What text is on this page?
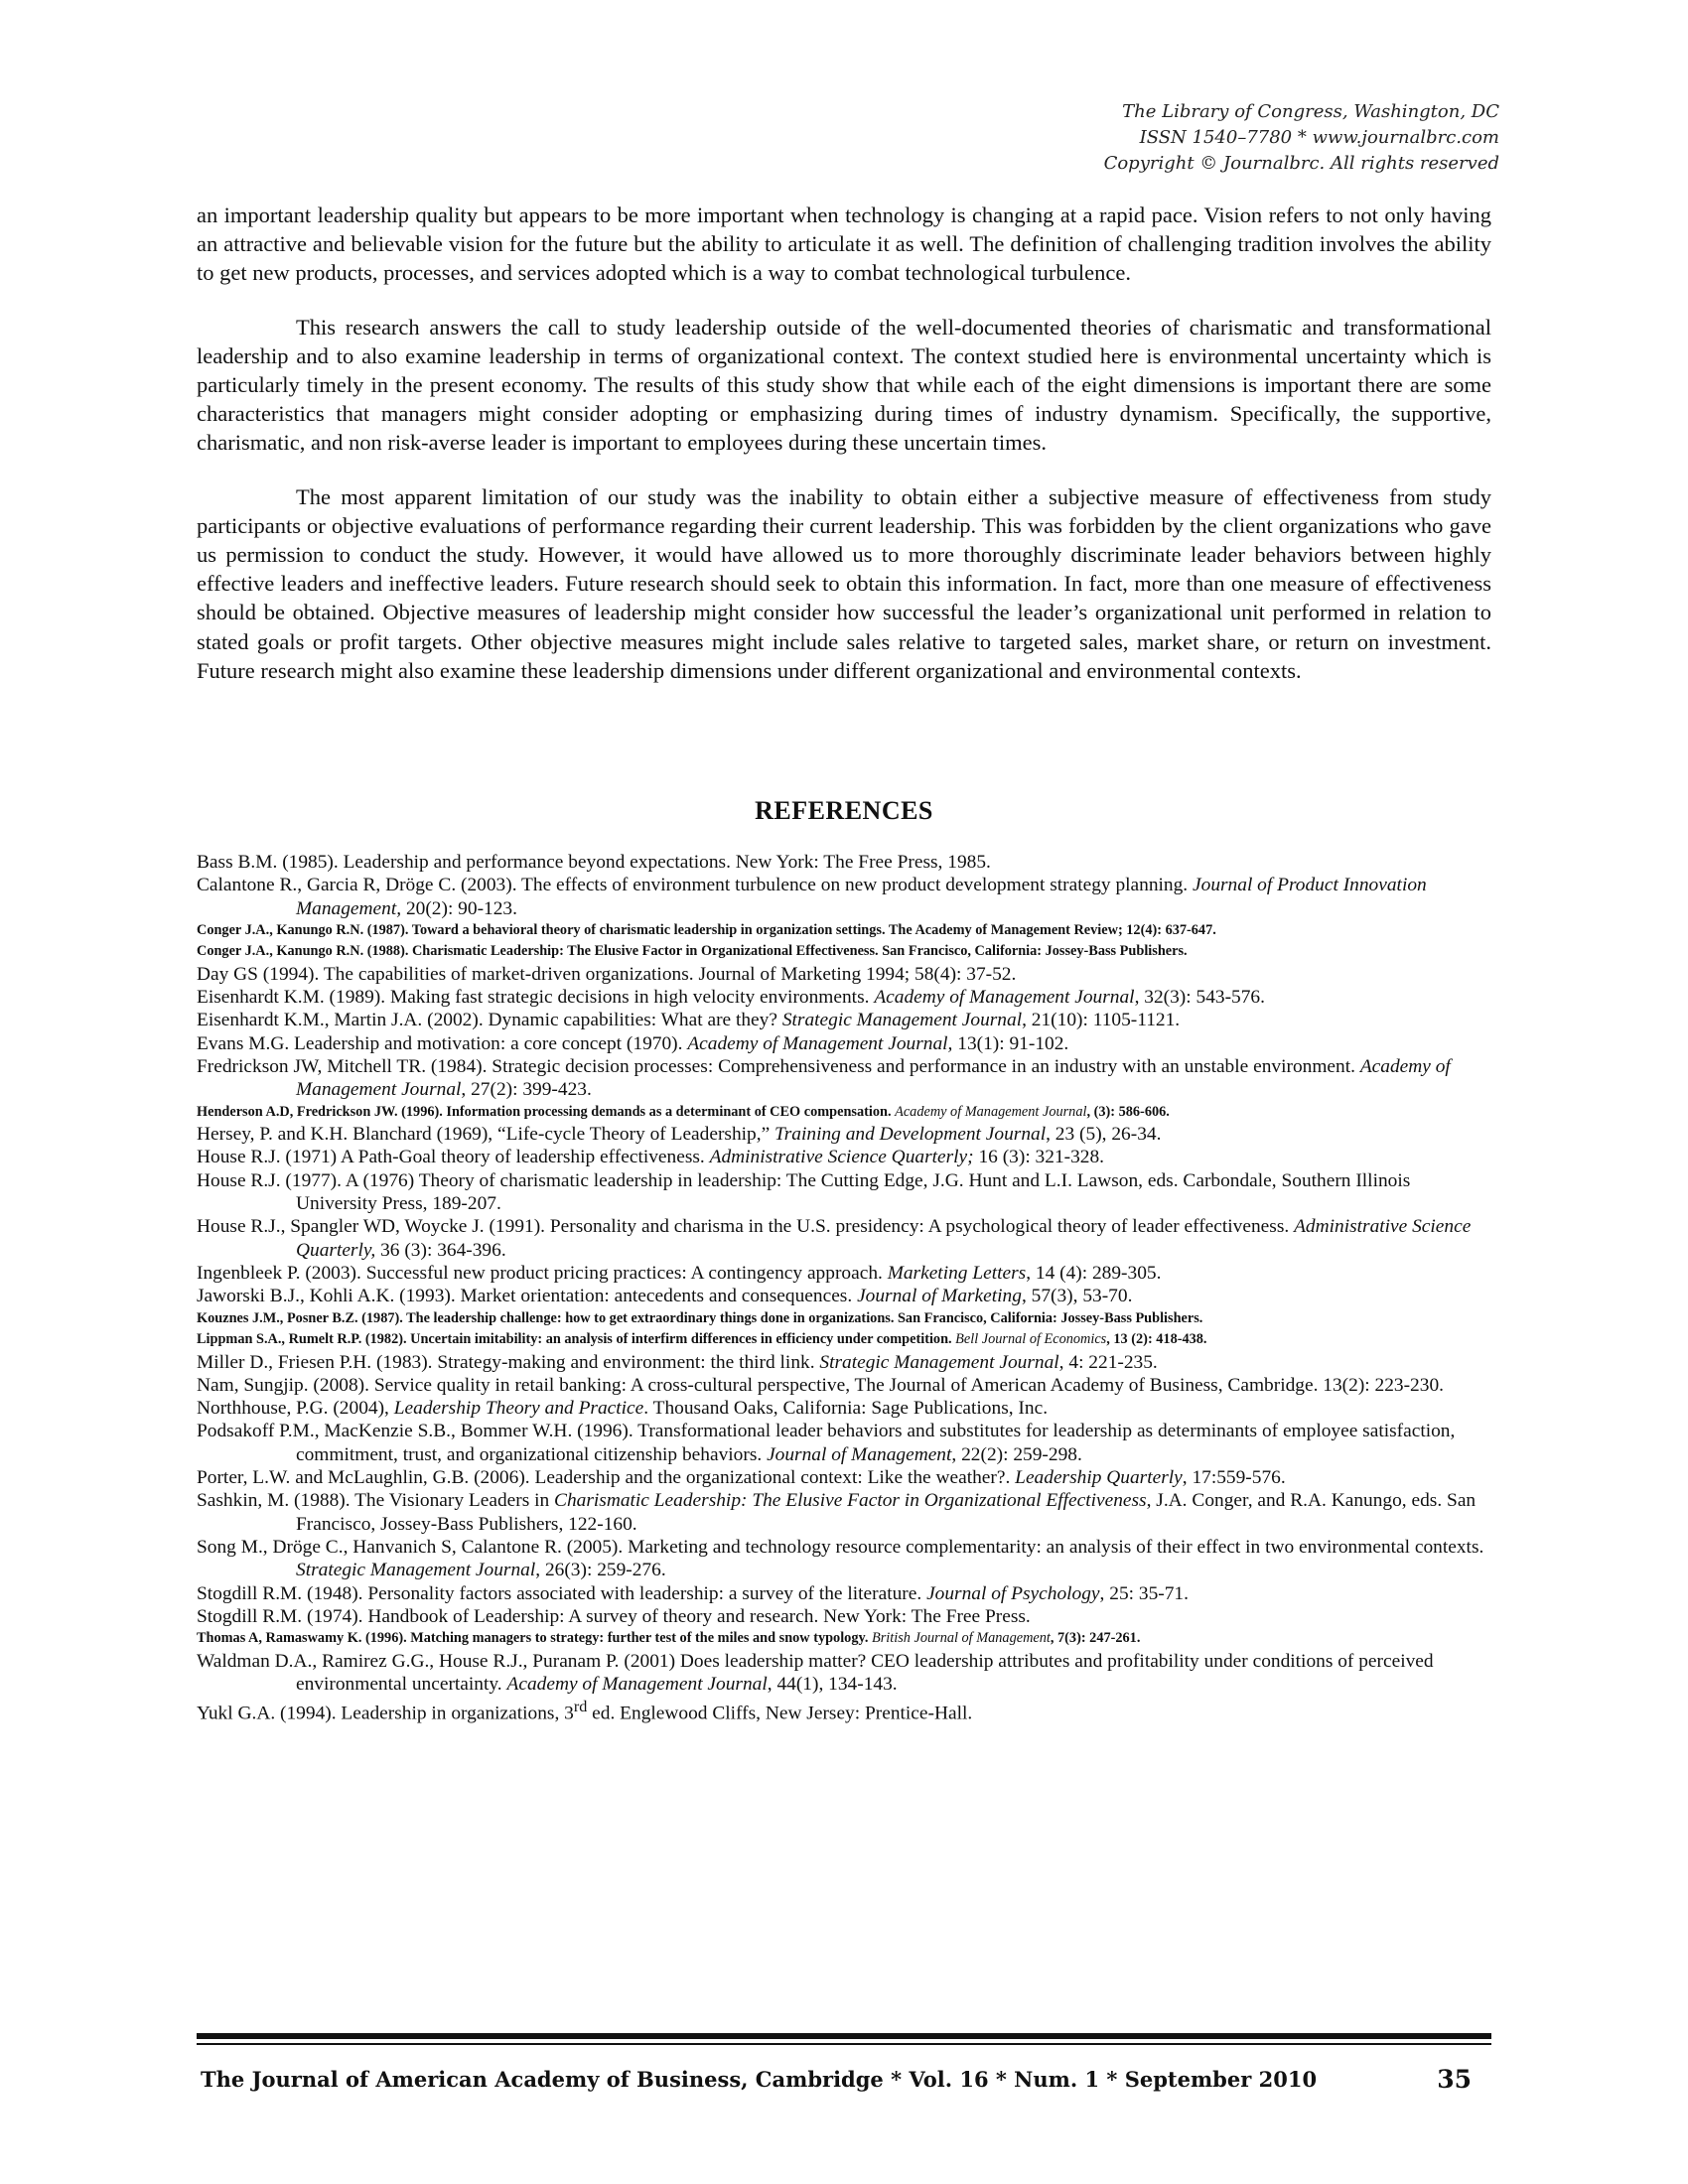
The Library of Congress, Washington, DC
ISSN 1540–7780 * www.journalbrc.com
Copyright © Journalbrc. All rights reserved

an important leadership quality but appears to be more important when technology is changing at a rapid pace. Vision refers to not only having an attractive and believable vision for the future but the ability to articulate it as well. The definition of challenging tradition involves the ability to get new products, processes, and services adopted which is a way to combat technological turbulence.

This research answers the call to study leadership outside of the well-documented theories of charismatic and transformational leadership and to also examine leadership in terms of organizational context. The context studied here is environmental uncertainty which is particularly timely in the present economy. The results of this study show that while each of the eight dimensions is important there are some characteristics that managers might consider adopting or emphasizing during times of industry dynamism. Specifically, the supportive, charismatic, and non risk-averse leader is important to employees during these uncertain times.

The most apparent limitation of our study was the inability to obtain either a subjective measure of effectiveness from study participants or objective evaluations of performance regarding their current leadership. This was forbidden by the client organizations who gave us permission to conduct the study. However, it would have allowed us to more thoroughly discriminate leader behaviors between highly effective leaders and ineffective leaders. Future research should seek to obtain this information. In fact, more than one measure of effectiveness should be obtained. Objective measures of leadership might consider how successful the leader’s organizational unit performed in relation to stated goals or profit targets. Other objective measures might include sales relative to targeted sales, market share, or return on investment. Future research might also examine these leadership dimensions under different organizational and environmental contexts.

REFERENCES

Bass B.M. (1985). Leadership and performance beyond expectations. New York: The Free Press, 1985.

Calantone R., Garcia R, Dröge C. (2003). The effects of environment turbulence on new product development strategy planning. Journal of Product Innovation Management, 20(2): 90-123.

Conger J.A., Kanungo R.N. (1987). Toward a behavioral theory of charismatic leadership in organization settings. The Academy of Management Review; 12(4): 637-647.

Conger J.A., Kanungo R.N. (1988). Charismatic Leadership: The Elusive Factor in Organizational Effectiveness. San Francisco, California: Jossey-Bass Publishers.

Day GS (1994). The capabilities of market-driven organizations. Journal of Marketing 1994; 58(4): 37-52.

Eisenhardt K.M. (1989). Making fast strategic decisions in high velocity environments. Academy of Management Journal, 32(3): 543-576.

Eisenhardt K.M., Martin J.A. (2002). Dynamic capabilities: What are they? Strategic Management Journal, 21(10): 1105-1121.

Evans M.G. Leadership and motivation: a core concept (1970). Academy of Management Journal, 13(1): 91-102.

Fredrickson JW, Mitchell TR. (1984). Strategic decision processes: Comprehensiveness and performance in an industry with an unstable environment. Academy of Management Journal, 27(2): 399-423.

Henderson A.D, Fredrickson JW. (1996). Information processing demands as a determinant of CEO compensation. Academy of Management Journal, (3): 586-606.

Hersey, P. and K.H. Blanchard (1969), “Life-cycle Theory of Leadership,” Training and Development Journal, 23 (5), 26-34.

House R.J. (1971) A Path-Goal theory of leadership effectiveness. Administrative Science Quarterly; 16 (3): 321-328.

House R.J. (1977). A (1976) Theory of charismatic leadership in leadership: The Cutting Edge, J.G. Hunt and L.I. Lawson, eds. Carbondale, Southern Illinois University Press, 189-207.

House R.J., Spangler WD, Woycke J. (1991). Personality and charisma in the U.S. presidency: A psychological theory of leader effectiveness. Administrative Science Quarterly, 36 (3): 364-396.

Ingenbleek P. (2003). Successful new product pricing practices: A contingency approach. Marketing Letters, 14 (4): 289-305.

Jaworski B.J., Kohli A.K. (1993). Market orientation: antecedents and consequences. Journal of Marketing, 57(3), 53-70.

Kouznes J.M., Posner B.Z. (1987). The leadership challenge: how to get extraordinary things done in organizations. San Francisco, California: Jossey-Bass Publishers.

Lippman S.A., Rumelt R.P. (1982). Uncertain imitability: an analysis of interfirm differences in efficiency under competition. Bell Journal of Economics, 13 (2): 418-438.

Miller D., Friesen P.H. (1983). Strategy-making and environment: the third link. Strategic Management Journal, 4: 221-235.

Nam, Sungjip. (2008). Service quality in retail banking: A cross-cultural perspective, The Journal of American Academy of Business, Cambridge. 13(2): 223-230.

Northhouse, P.G. (2004), Leadership Theory and Practice. Thousand Oaks, California: Sage Publications, Inc.

Podsakoff P.M., MacKenzie S.B., Bommer W.H. (1996). Transformational leader behaviors and substitutes for leadership as determinants of employee satisfaction, commitment, trust, and organizational citizenship behaviors. Journal of Management, 22(2): 259-298.

Porter, L.W. and McLaughlin, G.B. (2006). Leadership and the organizational context: Like the weather?. Leadership Quarterly, 17:559-576.

Sashkin, M. (1988). The Visionary Leaders in Charismatic Leadership: The Elusive Factor in Organizational Effectiveness, J.A. Conger, and R.A. Kanungo, eds. San Francisco, Jossey-Bass Publishers, 122-160.

Song M., Dröge C., Hanvanich S, Calantone R. (2005). Marketing and technology resource complementarity: an analysis of their effect in two environmental contexts. Strategic Management Journal, 26(3): 259-276.

Stogdill R.M. (1948). Personality factors associated with leadership: a survey of the literature. Journal of Psychology, 25: 35-71.

Stogdill R.M. (1974). Handbook of Leadership: A survey of theory and research. New York: The Free Press.

Thomas A, Ramaswamy K. (1996). Matching managers to strategy: further test of the miles and snow typology. British Journal of Management, 7(3): 247-261.

Waldman D.A., Ramirez G.G., House R.J., Puranam P. (2001) Does leadership matter? CEO leadership attributes and profitability under conditions of perceived environmental uncertainty. Academy of Management Journal, 44(1), 134-143.

Yukl G.A. (1994). Leadership in organizations, 3rd ed. Englewood Cliffs, New Jersey: Prentice-Hall.

The Journal of American Academy of Business, Cambridge * Vol. 16 * Num. 1 * September 2010	35
